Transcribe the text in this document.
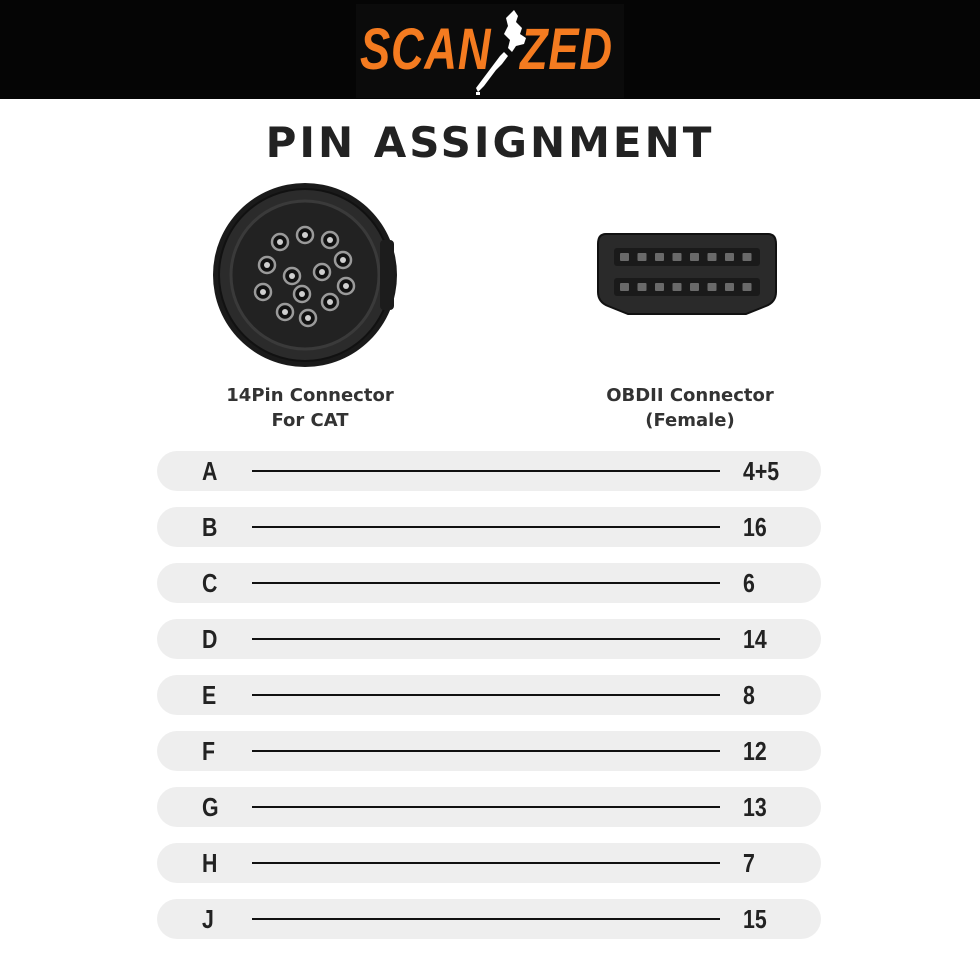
SCAN ZED
PIN ASSIGNMENT
14Pin Connector
For CAT
OBDII Connector
(Female)
A	4+5
B	16
C	6
D	14
E	8
F	12
G	13
H	7
J	15
